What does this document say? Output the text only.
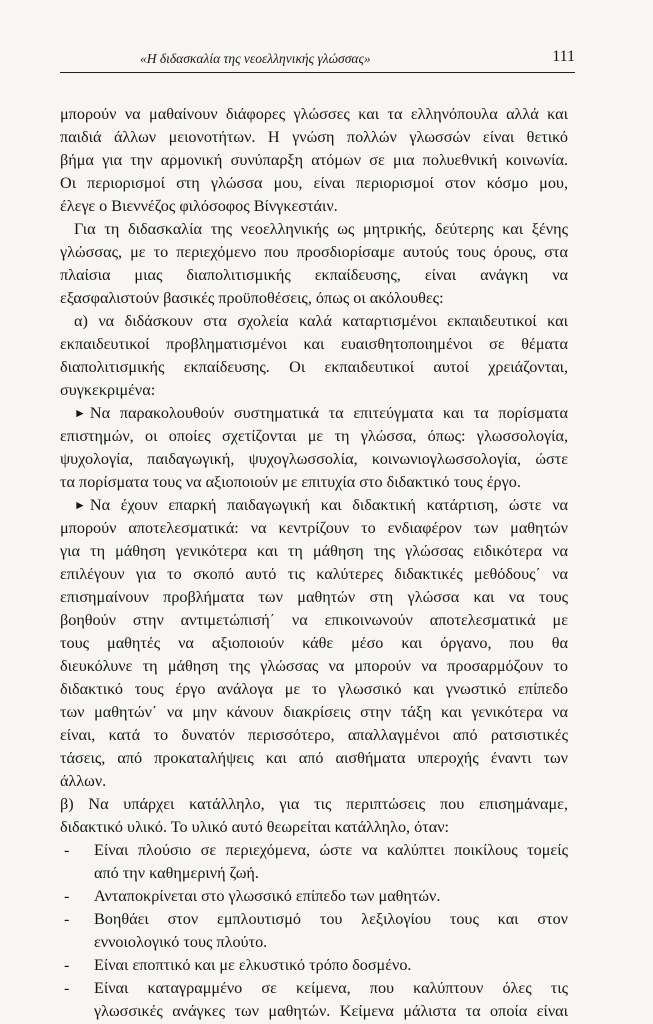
«Η διδασκαλία της νεοελληνικής γλώσσας»	111
μπορούν να μαθαίνουν διάφορες γλώσσες και τα ελληνόπουλα αλλά και
παιδιά άλλων μειονοτήτων. Η γνώση πολλών γλωσσών είναι θετικό
βήμα για την αρμονική συνύπαρξη ατόμων σε μια πολυεθνική κοινωνία.
Οι περιορισμοί στη γλώσσα μου, είναι περιορισμοί στον κόσμο μου,
έλεγε ο Βιεννέζος φιλόσοφος Βίνγκεστάιν.
Για τη διδασκαλία της νεοελληνικής ως μητρικής, δεύτερης και ξένης
γλώσσας, με το περιεχόμενο που προσδιορίσαμε αυτούς τους όρους, στα
πλαίσια μιας διαπολιτισμικής εκπαίδευσης, είναι ανάγκη να
εξασφαλιστούν βασικές προϋποθέσεις, όπως οι ακόλουθες:
α) να διδάσκουν στα σχολεία καλά καταρτισμένοι εκπαιδευτικοί και
εκπαιδευτικοί προβληματισμένοι και ευαισθητοποιημένοι σε θέματα
διαπολιτισμικής εκπαίδευσης. Οι εκπαιδευτικοί αυτοί χρειάζονται,
συγκεκριμένα:
► Να παρακολουθούν συστηματικά τα επιτεύγματα και τα πορίσματα
επιστημών, οι οποίες σχετίζονται με τη γλώσσα, όπως: γλωσσολογία,
ψυχολογία, παιδαγωγική, ψυχογλωσσολία, κοινωνιογλωσσολογία, ώστε
τα πορίσματα τους να αξιοποιούν με επιτυχία στο διδακτικό τους έργο.
► Να έχουν επαρκή παιδαγωγική και διδακτική κατάρτιση, ώστε να
μπορούν αποτελεσματικά: να κεντρίζουν το ενδιαφέρον των μαθητών
για τη μάθηση γενικότερα και τη μάθηση της γλώσσας ειδικότερα να
επιλέγουν για το σκοπό αυτό τις καλύτερες διδακτικές μεθόδους΄ να
επισημαίνουν προβλήματα των μαθητών στη γλώσσα και να τους
βοηθούν στην αντιμετώπισή΄ να επικοινωνούν αποτελεσματικά με
τους μαθητές να αξιοποιούν κάθε μέσο και όργανο, που θα
διευκόλυνε τη μάθηση της γλώσσας να μπορούν να προσαρμόζουν το
διδακτικό τους έργο ανάλογα με το γλωσσικό και γνωστικό επίπεδο
των μαθητών΄ να μην κάνουν διακρίσεις στην τάξη και γενικότερα να
είναι, κατά το δυνατόν περισσότερο, απαλλαγμένοι από ρατσιστικές
τάσεις, από προκαταλήψεις και από αισθήματα υπεροχής έναντι των
άλλων.
β) Να υπάρχει κατάλληλο, για τις περιπτώσεις που επισημάναμε,
διδακτικό υλικό. Το υλικό αυτό θεωρείται κατάλληλο, όταν:
- Είναι πλούσιο σε περιεχόμενα, ώστε να καλύπτει ποικίλους τομείς
από την καθημερινή ζωή.
- Ανταποκρίνεται στο γλωσσικό επίπεδο των μαθητών.
- Βοηθάει στον εμπλουτισμό του λεξιλογίου τους και στον
εννοιολογικό τους πλούτο.
- Είναι εποπτικό και με ελκυστικό τρόπο δοσμένο.
- Είναι καταγραμμένο σε κείμενα, που καλύπτουν όλες τις
γλωσσικές ανάγκες των μαθητών. Κείμενα μάλιστα τα οποία είναι
